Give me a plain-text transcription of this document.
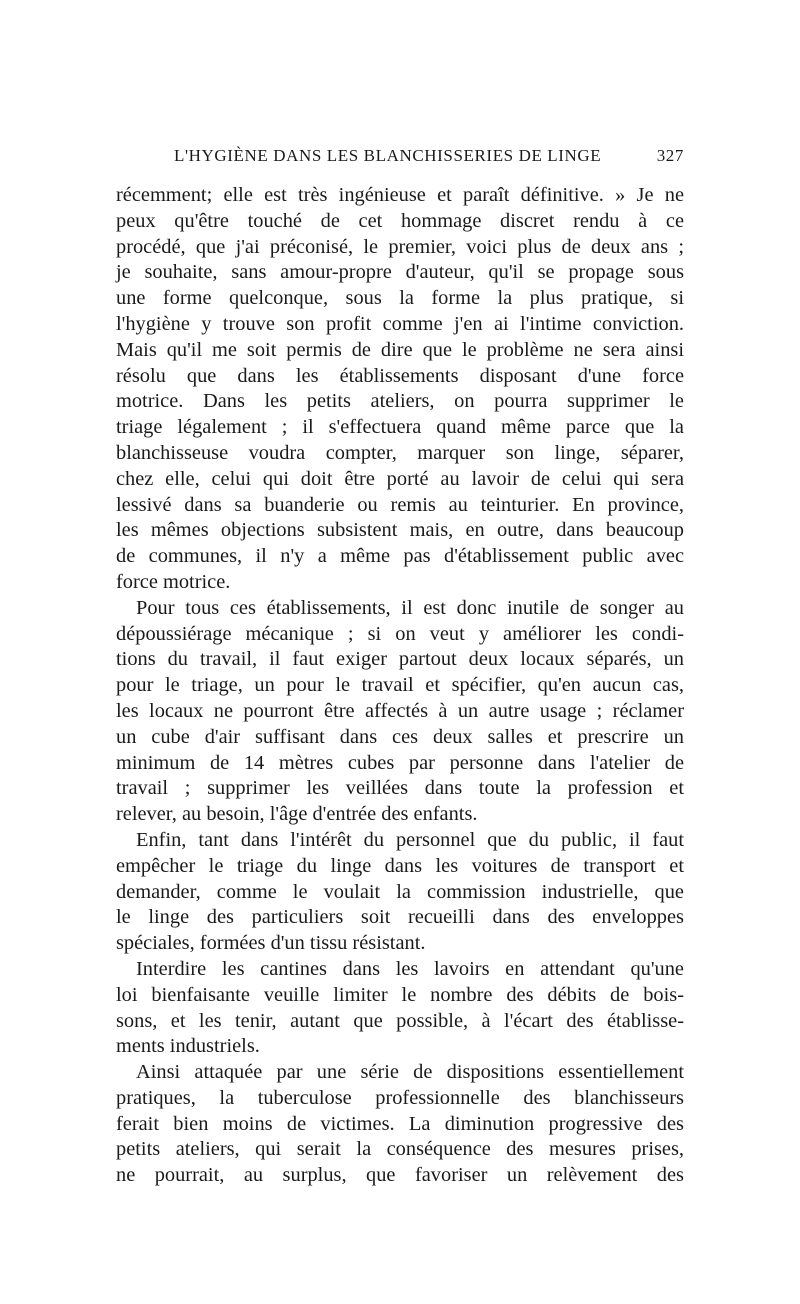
L'HYGIÈNE DANS LES BLANCHISSERIES DE LINGE	327
récemment; elle est très ingénieuse et paraît définitive. » Je ne
peux qu'être touché de cet hommage discret rendu à ce
procédé, que j'ai préconisé, le premier, voici plus de deux ans ;
je souhaite, sans amour-propre d'auteur, qu'il se propage sous
une forme quelconque, sous la forme la plus pratique, si
l'hygiène y trouve son profit comme j'en ai l'intime conviction.
Mais qu'il me soit permis de dire que le problème ne sera ainsi
résolu que dans les établissements disposant d'une force
motrice. Dans les petits ateliers, on pourra supprimer le
triage légalement ; il s'effectuera quand même parce que la
blanchisseuse voudra compter, marquer son linge, séparer,
chez elle, celui qui doit être porté au lavoir de celui qui sera
lessivé dans sa buanderie ou remis au teinturier. En province,
les mêmes objections subsistent mais, en outre, dans beaucoup
de communes, il n'y a même pas d'établissement public avec
force motrice.
Pour tous ces établissements, il est donc inutile de songer au
dépoussiérage mécanique ; si on veut y améliorer les condi-
tions du travail, il faut exiger partout deux locaux séparés, un
pour le triage, un pour le travail et spécifier, qu'en aucun cas,
les locaux ne pourront être affectés à un autre usage ; réclamer
un cube d'air suffisant dans ces deux salles et prescrire un
minimum de 14 mètres cubes par personne dans l'atelier de
travail ; supprimer les veillées dans toute la profession et
relever, au besoin, l'âge d'entrée des enfants.
Enfin, tant dans l'intérêt du personnel que du public, il faut
empêcher le triage du linge dans les voitures de transport et
demander, comme le voulait la commission industrielle, que
le linge des particuliers soit recueilli dans des enveloppes
spéciales, formées d'un tissu résistant.
Interdire les cantines dans les lavoirs en attendant qu'une
loi bienfaisante veuille limiter le nombre des débits de bois-
sons, et les tenir, autant que possible, à l'écart des établisse-
ments industriels.
Ainsi attaquée par une série de dispositions essentiellement
pratiques, la tuberculose professionnelle des blanchisseurs
ferait bien moins de victimes. La diminution progressive des
petits ateliers, qui serait la conséquence des mesures prises,
ne pourrait, au surplus, que favoriser un relèvement des
